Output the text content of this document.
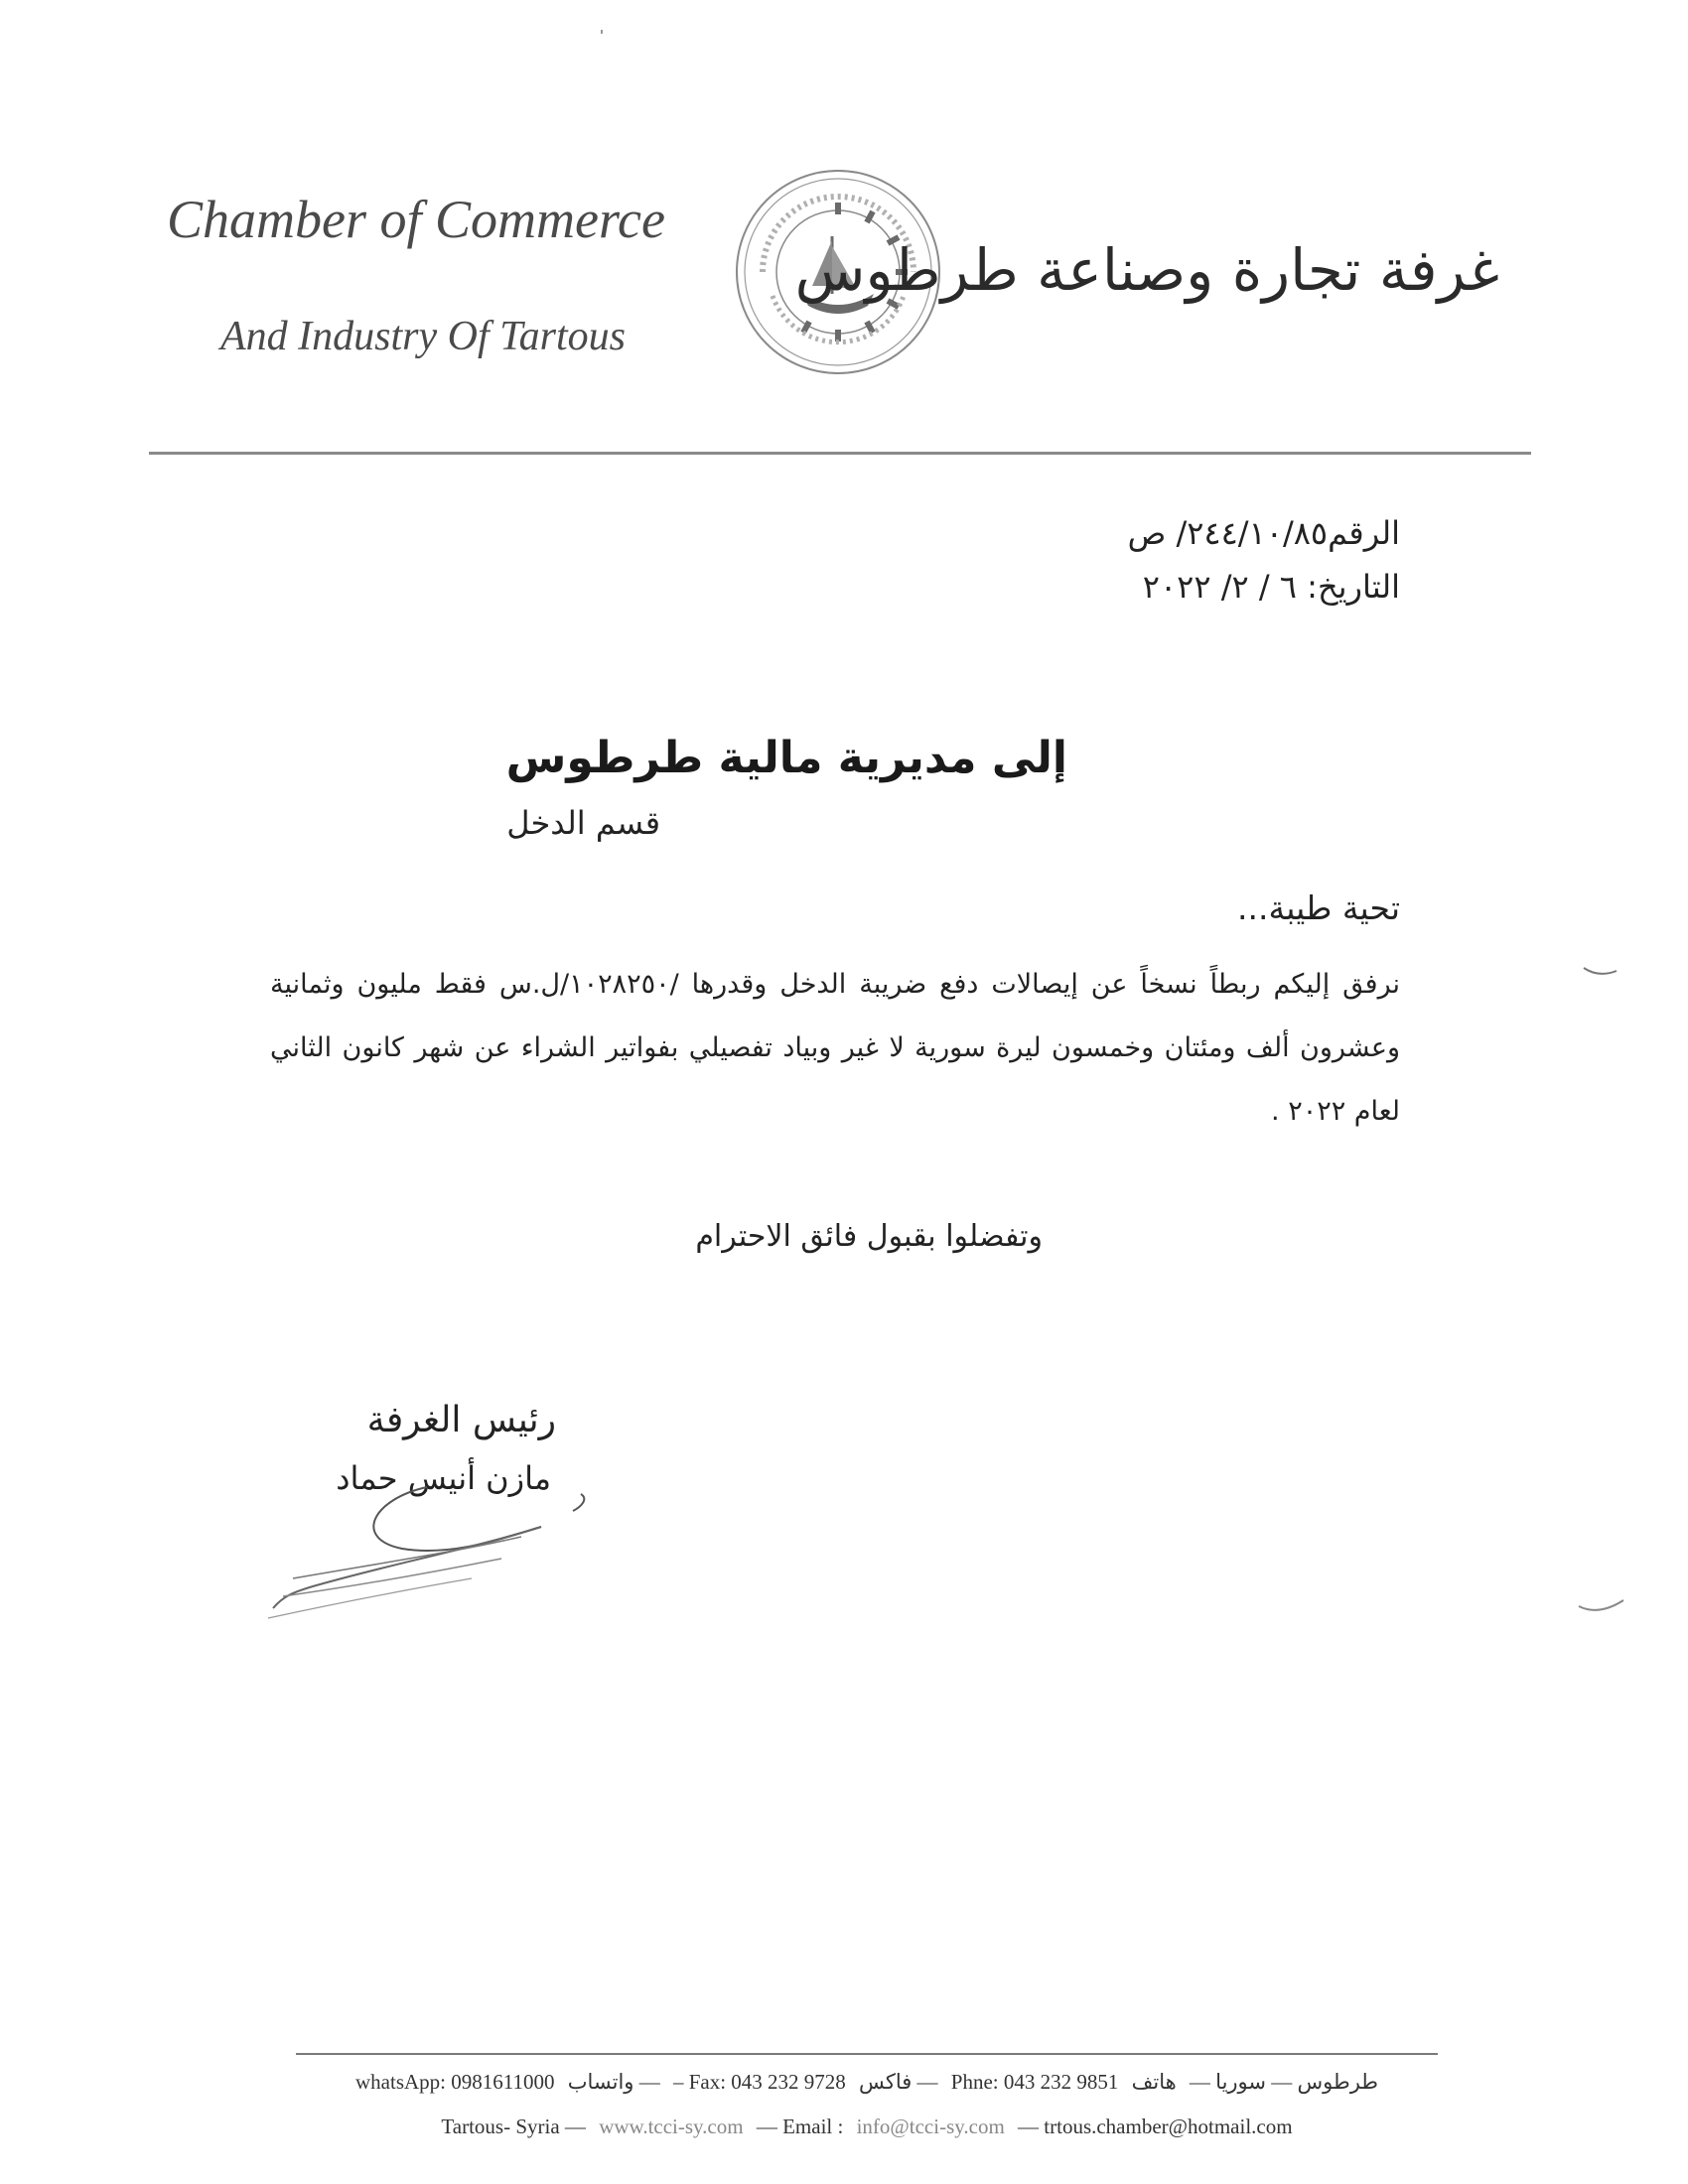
Chamber of Commerce
And Industry Of Tartous
غرفة تجارة وصناعة طرطوس
الرقم٢٤٤/١٠/٨٥/ ص
التاريخ: ٦ / ٢/ ٢٠٢٢
إلى مديرية مالية طرطوس
قسم الدخل
تحية طيبة...
نرفق إليكم ربطاً نسخاً عن إيصالات دفع ضريبة الدخل وقدرها /١٠٢٨٢٥٠/ل.س فقط مليون وثمانية وعشرون ألف ومئتان وخمسون ليرة سورية لا غير وبياد تفصيلي بفواتير الشراء عن شهر كانون الثاني لعام ٢٠٢٢ .
وتفضلوا بقبول فائق الاحترام
رئيس الغرفة
مازن أنيس حماد
طرطوس — سوريا — هاتف Phne: 043 232 9851 — فاكس – Fax: 043 232 9728 — واتساب whatsApp: 0981611000
Tartous- Syria — www.tcci-sy.com — Email : info@tcci-sy.com — trtous.chamber@hotmail.com
